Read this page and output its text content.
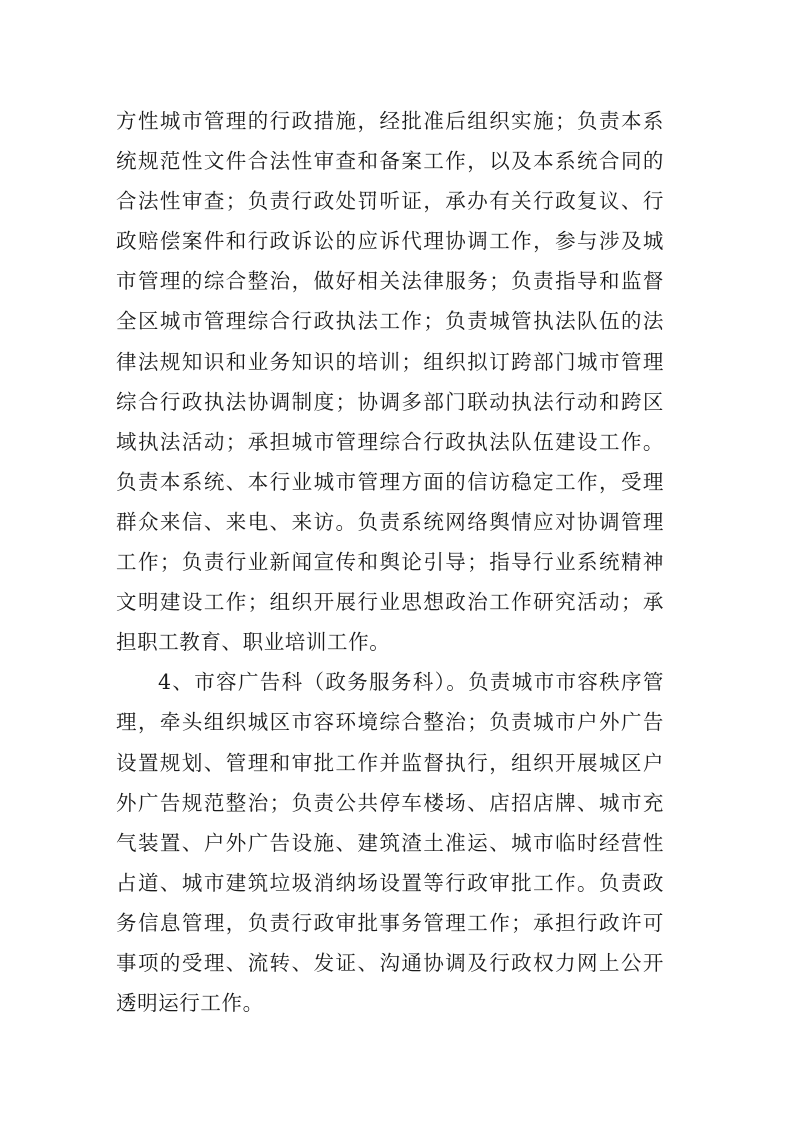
方性城市管理的行政措施，经批准后组织实施；负责本系统规范性文件合法性审查和备案工作，以及本系统合同的合法性审查；负责行政处罚听证，承办有关行政复议、行政赔偿案件和行政诉讼的应诉代理协调工作，参与涉及城市管理的综合整治，做好相关法律服务；负责指导和监督全区城市管理综合行政执法工作；负责城管执法队伍的法律法规知识和业务知识的培训；组织拟订跨部门城市管理综合行政执法协调制度；协调多部门联动执法行动和跨区域执法活动；承担城市管理综合行政执法队伍建设工作。负责本系统、本行业城市管理方面的信访稳定工作，受理群众来信、来电、来访。负责系统网络舆情应对协调管理工作；负责行业新闻宣传和舆论引导；指导行业系统精神文明建设工作；组织开展行业思想政治工作研究活动；承担职工教育、职业培训工作。

4、市容广告科（政务服务科）。负责城市市容秩序管理，牵头组织城区市容环境综合整治；负责城市户外广告设置规划、管理和审批工作并监督执行，组织开展城区户外广告规范整治；负责公共停车楼场、店招店牌、城市充气装置、户外广告设施、建筑渣土准运、城市临时经营性占道、城市建筑垃圾消纳场设置等行政审批工作。负责政务信息管理，负责行政审批事务管理工作；承担行政许可事项的受理、流转、发证、沟通协调及行政权力网上公开透明运行工作。
